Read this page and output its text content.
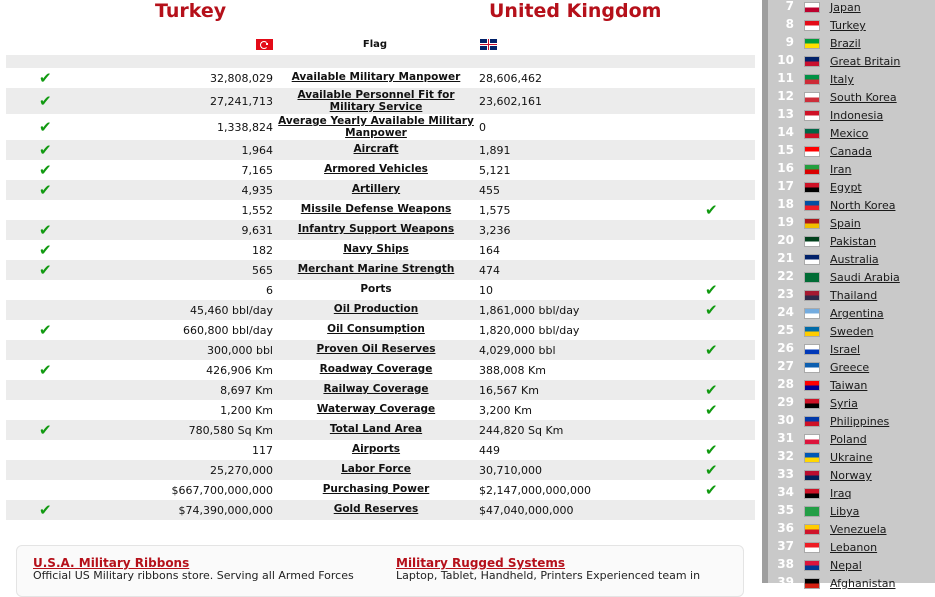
Turkey	United Kingdom
Flag
✔	32,808,029	Available Military Manpower	28,606,462
✔	27,241,713	Available Personnel Fit for Military Service	23,602,161
✔	1,338,824 Average Yearly Available Military Manpower	0
✔	1,964	Aircraft	1,891
✔	7,165	Armored Vehicles	5,121
✔	4,935	Artillery	455
1,552	Missile Defense Weapons	1,575	✔
✔	9,631	Infantry Support Weapons	3,236
✔	182	Navy Ships	164
✔	565	Merchant Marine Strength	474
6	Ports	10	✔
45,460 bbl/day	Oil Production	1,861,000 bbl/day	✔
✔	660,800 bbl/day	Oil Consumption	1,820,000 bbl/day
300,000 bbl	Proven Oil Reserves	4,029,000 bbl	✔
✔	426,906 Km	Roadway Coverage	388,008 Km
8,697 Km	Railway Coverage	16,567 Km	✔
1,200 Km	Waterway Coverage	3,200 Km	✔
✔	780,580 Sq Km	Total Land Area	244,820 Sq Km
117	Airports	449	✔
25,270,000	Labor Force	30,710,000	✔
$667,700,000,000	Purchasing Power	$2,147,000,000,000	✔
✔	$74,390,000,000	Gold Reserves	$47,040,000,000
U.S.A. Military Ribbons
Official US Military ribbons store. Serving all Armed Forces
Military Rugged Systems
Laptop, Tablet, Handheld, Printers Experienced team in
7	Japan
8	Turkey
9	Brazil
10	Great Britain
11	Italy
12	South Korea
13	Indonesia
14	Mexico
15	Canada
16	Iran
17	Egypt
18	North Korea
19	Spain
20	Pakistan
21	Australia
22	Saudi Arabia
23	Thailand
24	Argentina
25	Sweden
26	Israel
27	Greece
28	Taiwan
29	Syria
30	Philippines
31	Poland
32	Ukraine
33	Norway
34	Iraq
35	Libya
36	Venezuela
37	Lebanon
38	Nepal
39	Afghanistan
